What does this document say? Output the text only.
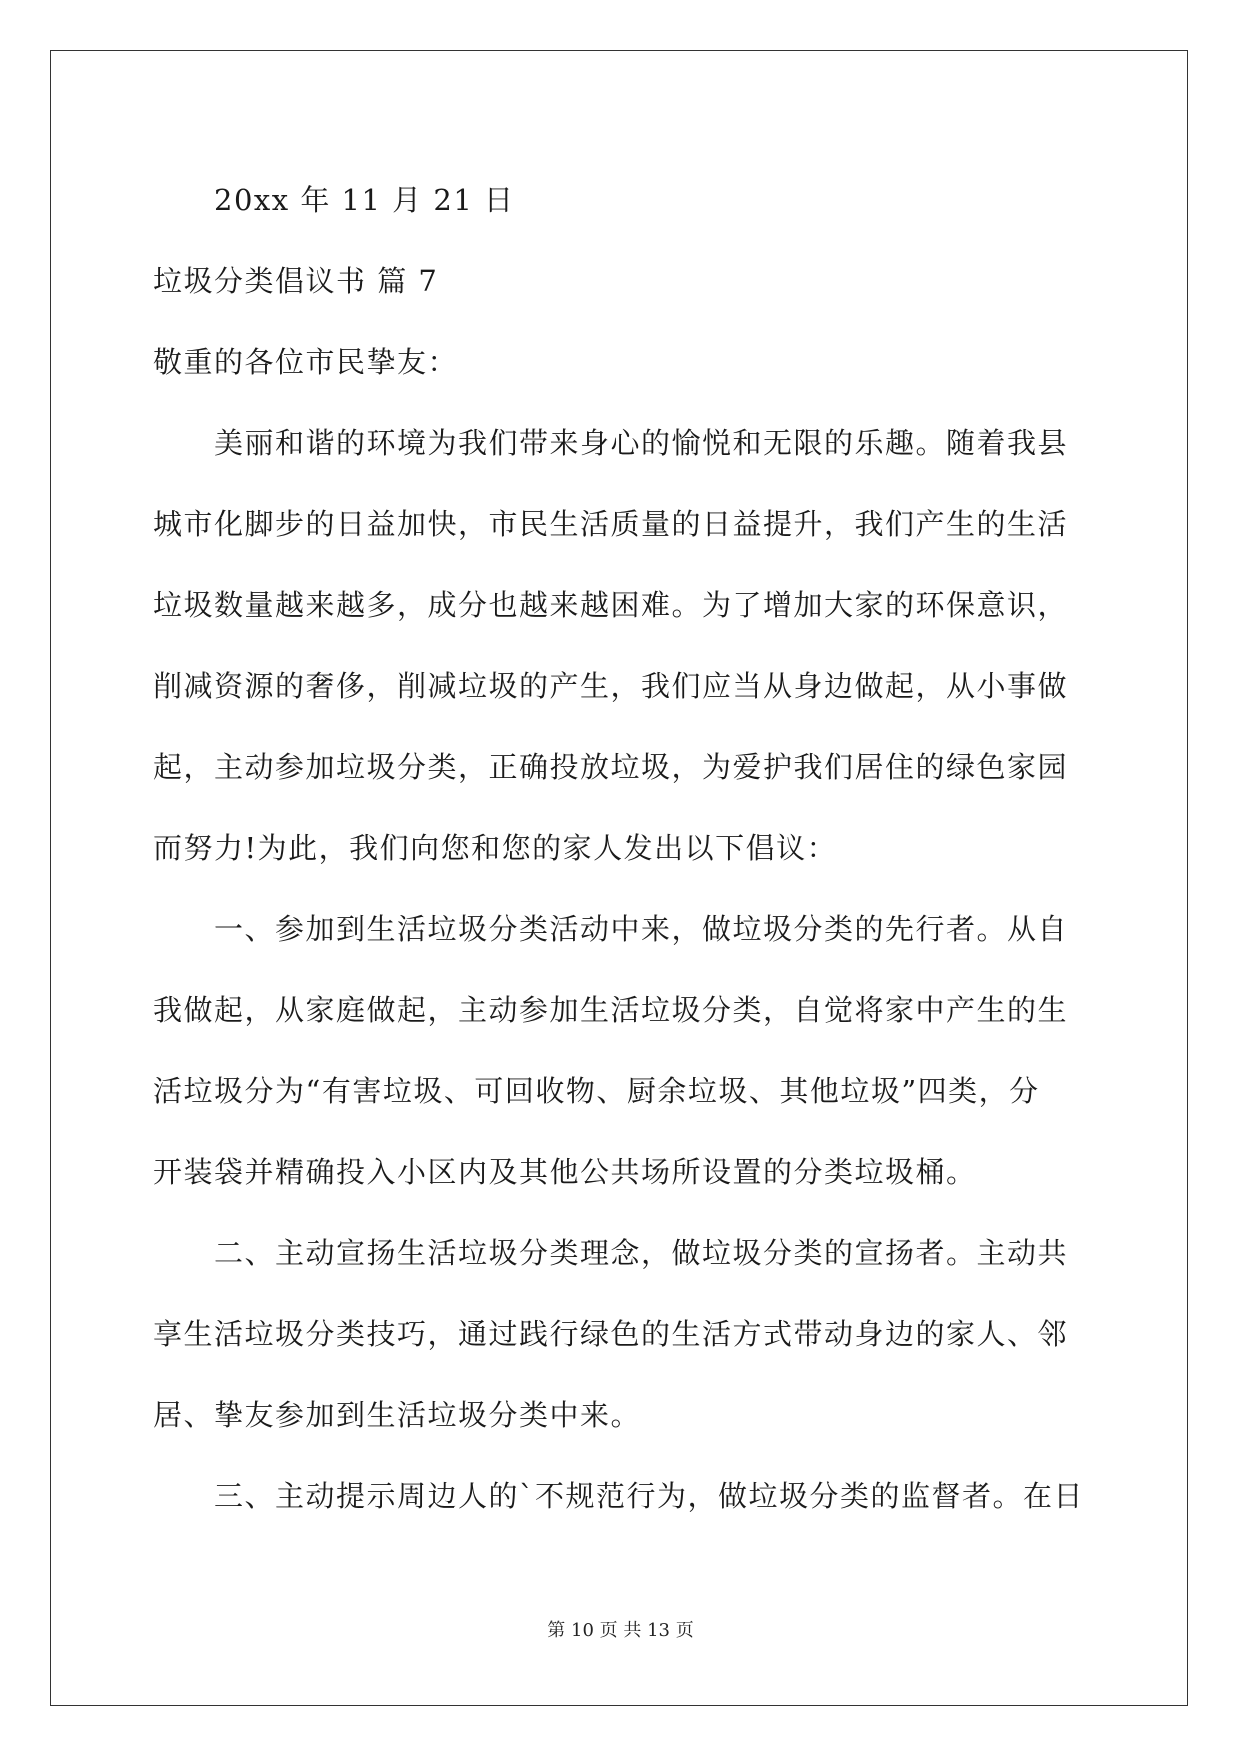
20xx 年 11 月 21 日
垃圾分类倡议书 篇 7
敬重的各位市民挚友：
美丽和谐的环境为我们带来身心的愉悦和无限的乐趣。随着我县
城市化脚步的日益加快，市民生活质量的日益提升，我们产生的生活
垃圾数量越来越多，成分也越来越困难。为了增加大家的环保意识，
削减资源的奢侈，削减垃圾的产生，我们应当从身边做起，从小事做
起，主动参加垃圾分类，正确投放垃圾，为爱护我们居住的绿色家园
而努力!为此，我们向您和您的家人发出以下倡议：
一、参加到生活垃圾分类活动中来，做垃圾分类的先行者。从自
我做起，从家庭做起，主动参加生活垃圾分类，自觉将家中产生的生
活垃圾分为“有害垃圾、可回收物、厨余垃圾、其他垃圾”四类，分
开装袋并精确投入小区内及其他公共场所设置的分类垃圾桶。
二、主动宣扬生活垃圾分类理念，做垃圾分类的宣扬者。主动共
享生活垃圾分类技巧，通过践行绿色的生活方式带动身边的家人、邻
居、挚友参加到生活垃圾分类中来。
三、主动提示周边人的`不规范行为，做垃圾分类的监督者。在日
第 10 页 共 13 页
